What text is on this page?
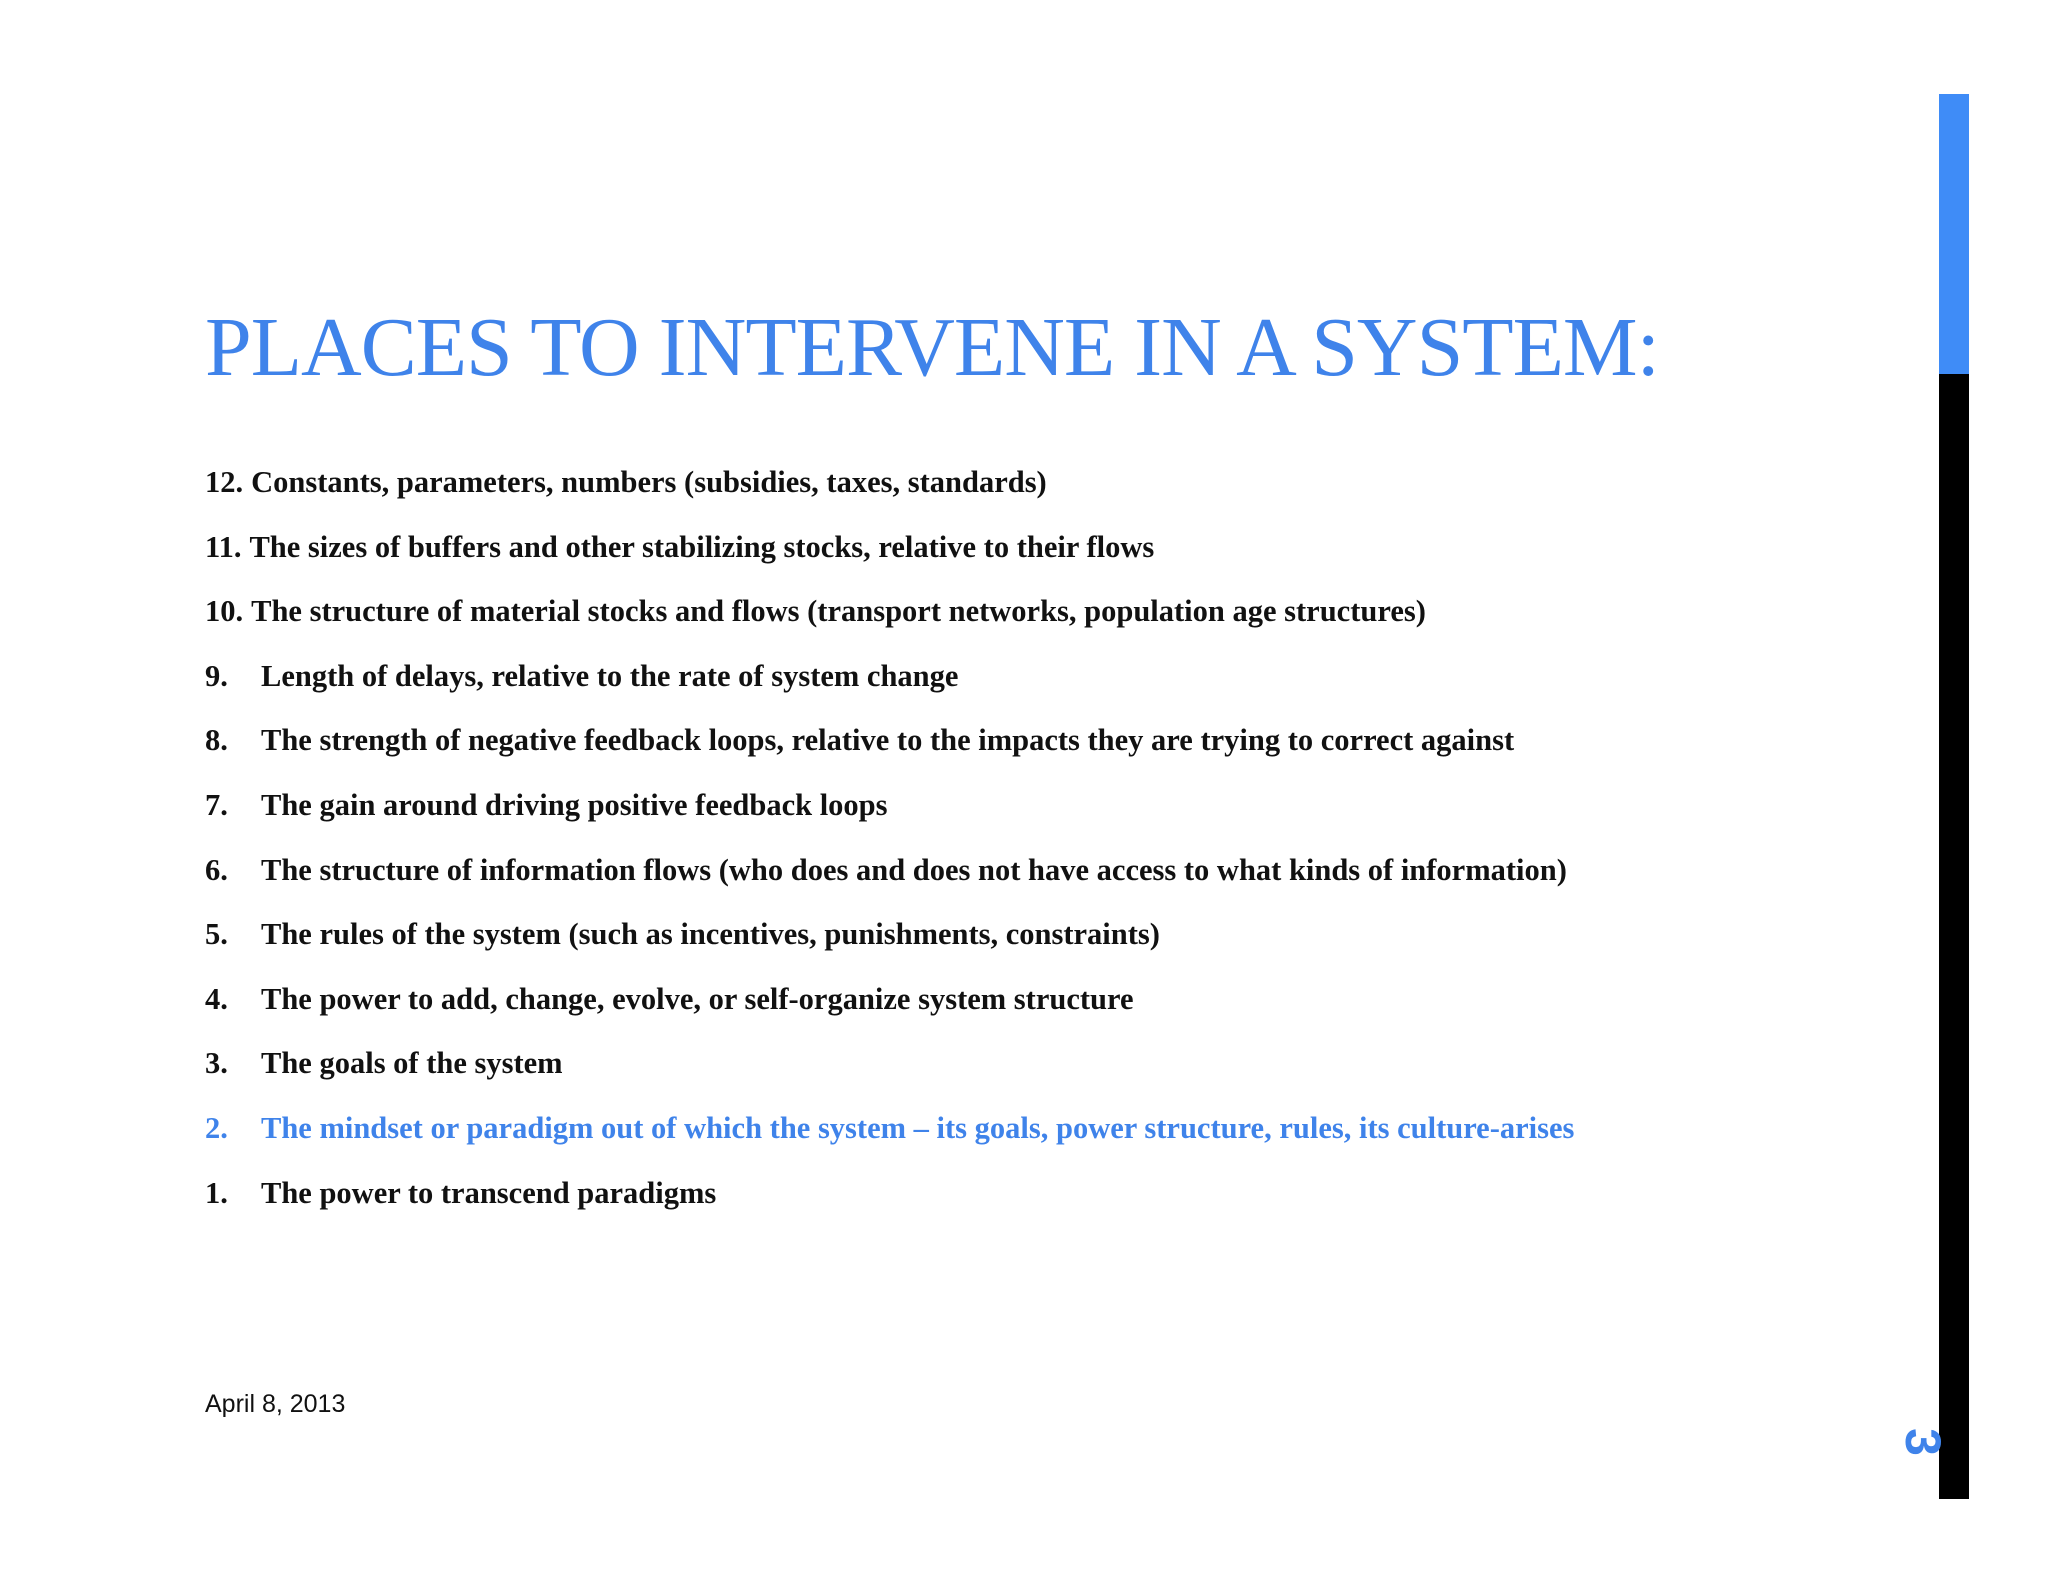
PLACES TO INTERVENE IN A SYSTEM:
12. Constants, parameters, numbers (subsidies, taxes, standards)
11. The sizes of buffers and other stabilizing stocks, relative to their flows
10. The structure of material stocks and flows (transport networks, population age structures)
9.	Length of delays, relative to the rate of system change
8.	The strength of negative feedback loops, relative to the impacts they are trying to correct against
7.	The gain around driving positive feedback loops
6.	The structure of information flows (who does and does not have access to what kinds of information)
5.	The rules of the system (such as incentives, punishments, constraints)
4.	The power to add, change, evolve, or self-organize system structure
3.	The goals of the system
2.	The mindset or paradigm out of which the system – its goals, power structure, rules, its culture-arises
1.	The power to transcend paradigms
April 8, 2013
3
